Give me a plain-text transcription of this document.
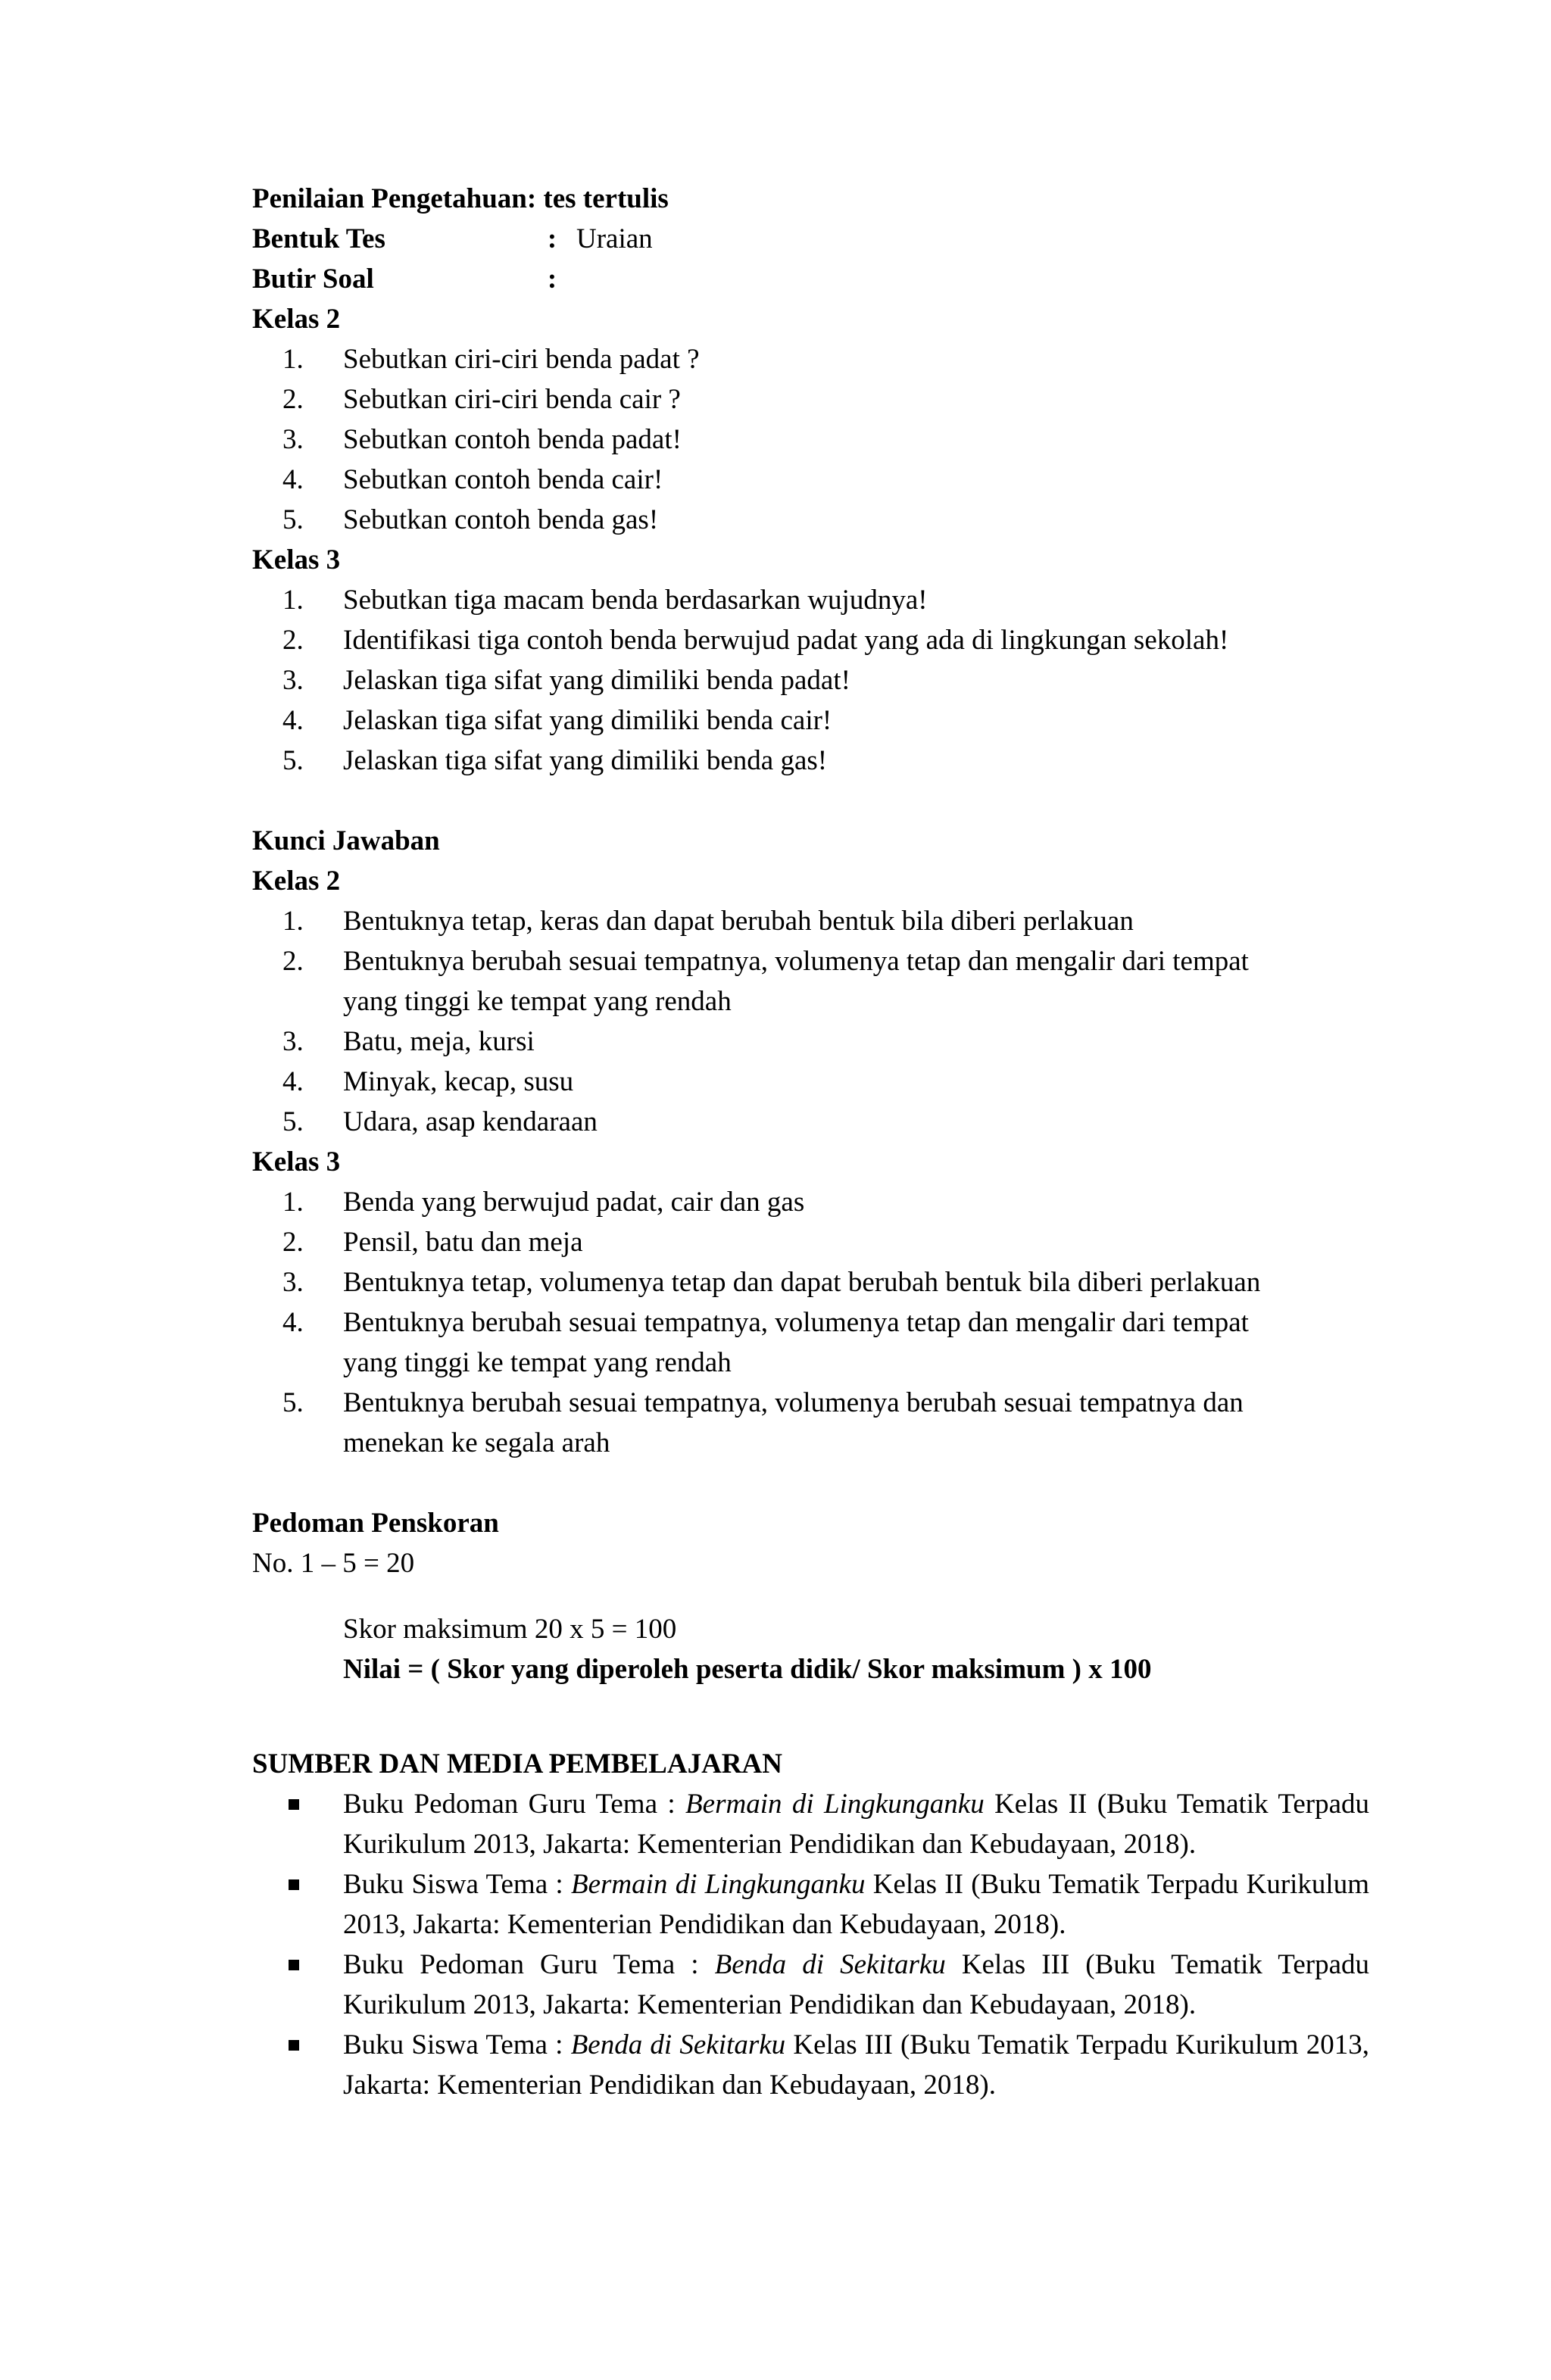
Penilaian Pengetahuan: tes tertulis
Bentuk Tes	: Uraian
Butir Soal	:
Kelas 2
1.	Sebutkan ciri-ciri benda padat ?
2.	Sebutkan ciri-ciri benda cair ?
3.	Sebutkan contoh benda padat!
4.	Sebutkan contoh benda cair!
5.	Sebutkan contoh benda gas!
Kelas 3
1.	Sebutkan tiga macam benda berdasarkan wujudnya!
2.	Identifikasi tiga contoh benda berwujud padat yang ada di lingkungan sekolah!
3.	Jelaskan tiga sifat yang dimiliki benda padat!
4.	Jelaskan tiga sifat yang dimiliki benda cair!
5.	Jelaskan tiga sifat yang dimiliki benda gas!
Kunci Jawaban
Kelas 2
1.	Bentuknya tetap, keras dan dapat berubah bentuk bila diberi perlakuan
2.	Bentuknya berubah sesuai tempatnya, volumenya tetap dan mengalir dari tempat
yang tinggi ke tempat yang rendah
3.	Batu, meja, kursi
4.	Minyak, kecap, susu
5.	Udara, asap kendaraan
Kelas 3
1.	Benda yang berwujud padat, cair dan gas
2.	Pensil, batu dan meja
3.	Bentuknya tetap, volumenya tetap dan dapat berubah bentuk bila diberi perlakuan
4.	Bentuknya berubah sesuai tempatnya, volumenya tetap dan mengalir dari tempat
yang tinggi ke tempat yang rendah
5.	Bentuknya berubah sesuai tempatnya, volumenya berubah sesuai tempatnya dan
menekan ke segala arah
Pedoman Penskoran
No. 1 – 5 = 20
Skor maksimum 20 x 5 = 100
Nilai = ( Skor yang diperoleh peserta didik/ Skor maksimum ) x 100
SUMBER DAN MEDIA PEMBELAJARAN
Buku Pedoman Guru Tema : Bermain di Lingkunganku Kelas II (Buku Tematik Terpadu Kurikulum 2013, Jakarta: Kementerian Pendidikan dan Kebudayaan, 2018).
Buku Siswa Tema : Bermain di Lingkunganku Kelas II (Buku Tematik Terpadu Kurikulum 2013, Jakarta: Kementerian Pendidikan dan Kebudayaan, 2018).
Buku Pedoman Guru Tema : Benda di Sekitarku Kelas III (Buku Tematik Terpadu Kurikulum 2013, Jakarta: Kementerian Pendidikan dan Kebudayaan, 2018).
Buku Siswa Tema : Benda di Sekitarku Kelas III (Buku Tematik Terpadu Kurikulum 2013, Jakarta: Kementerian Pendidikan dan Kebudayaan, 2018).
